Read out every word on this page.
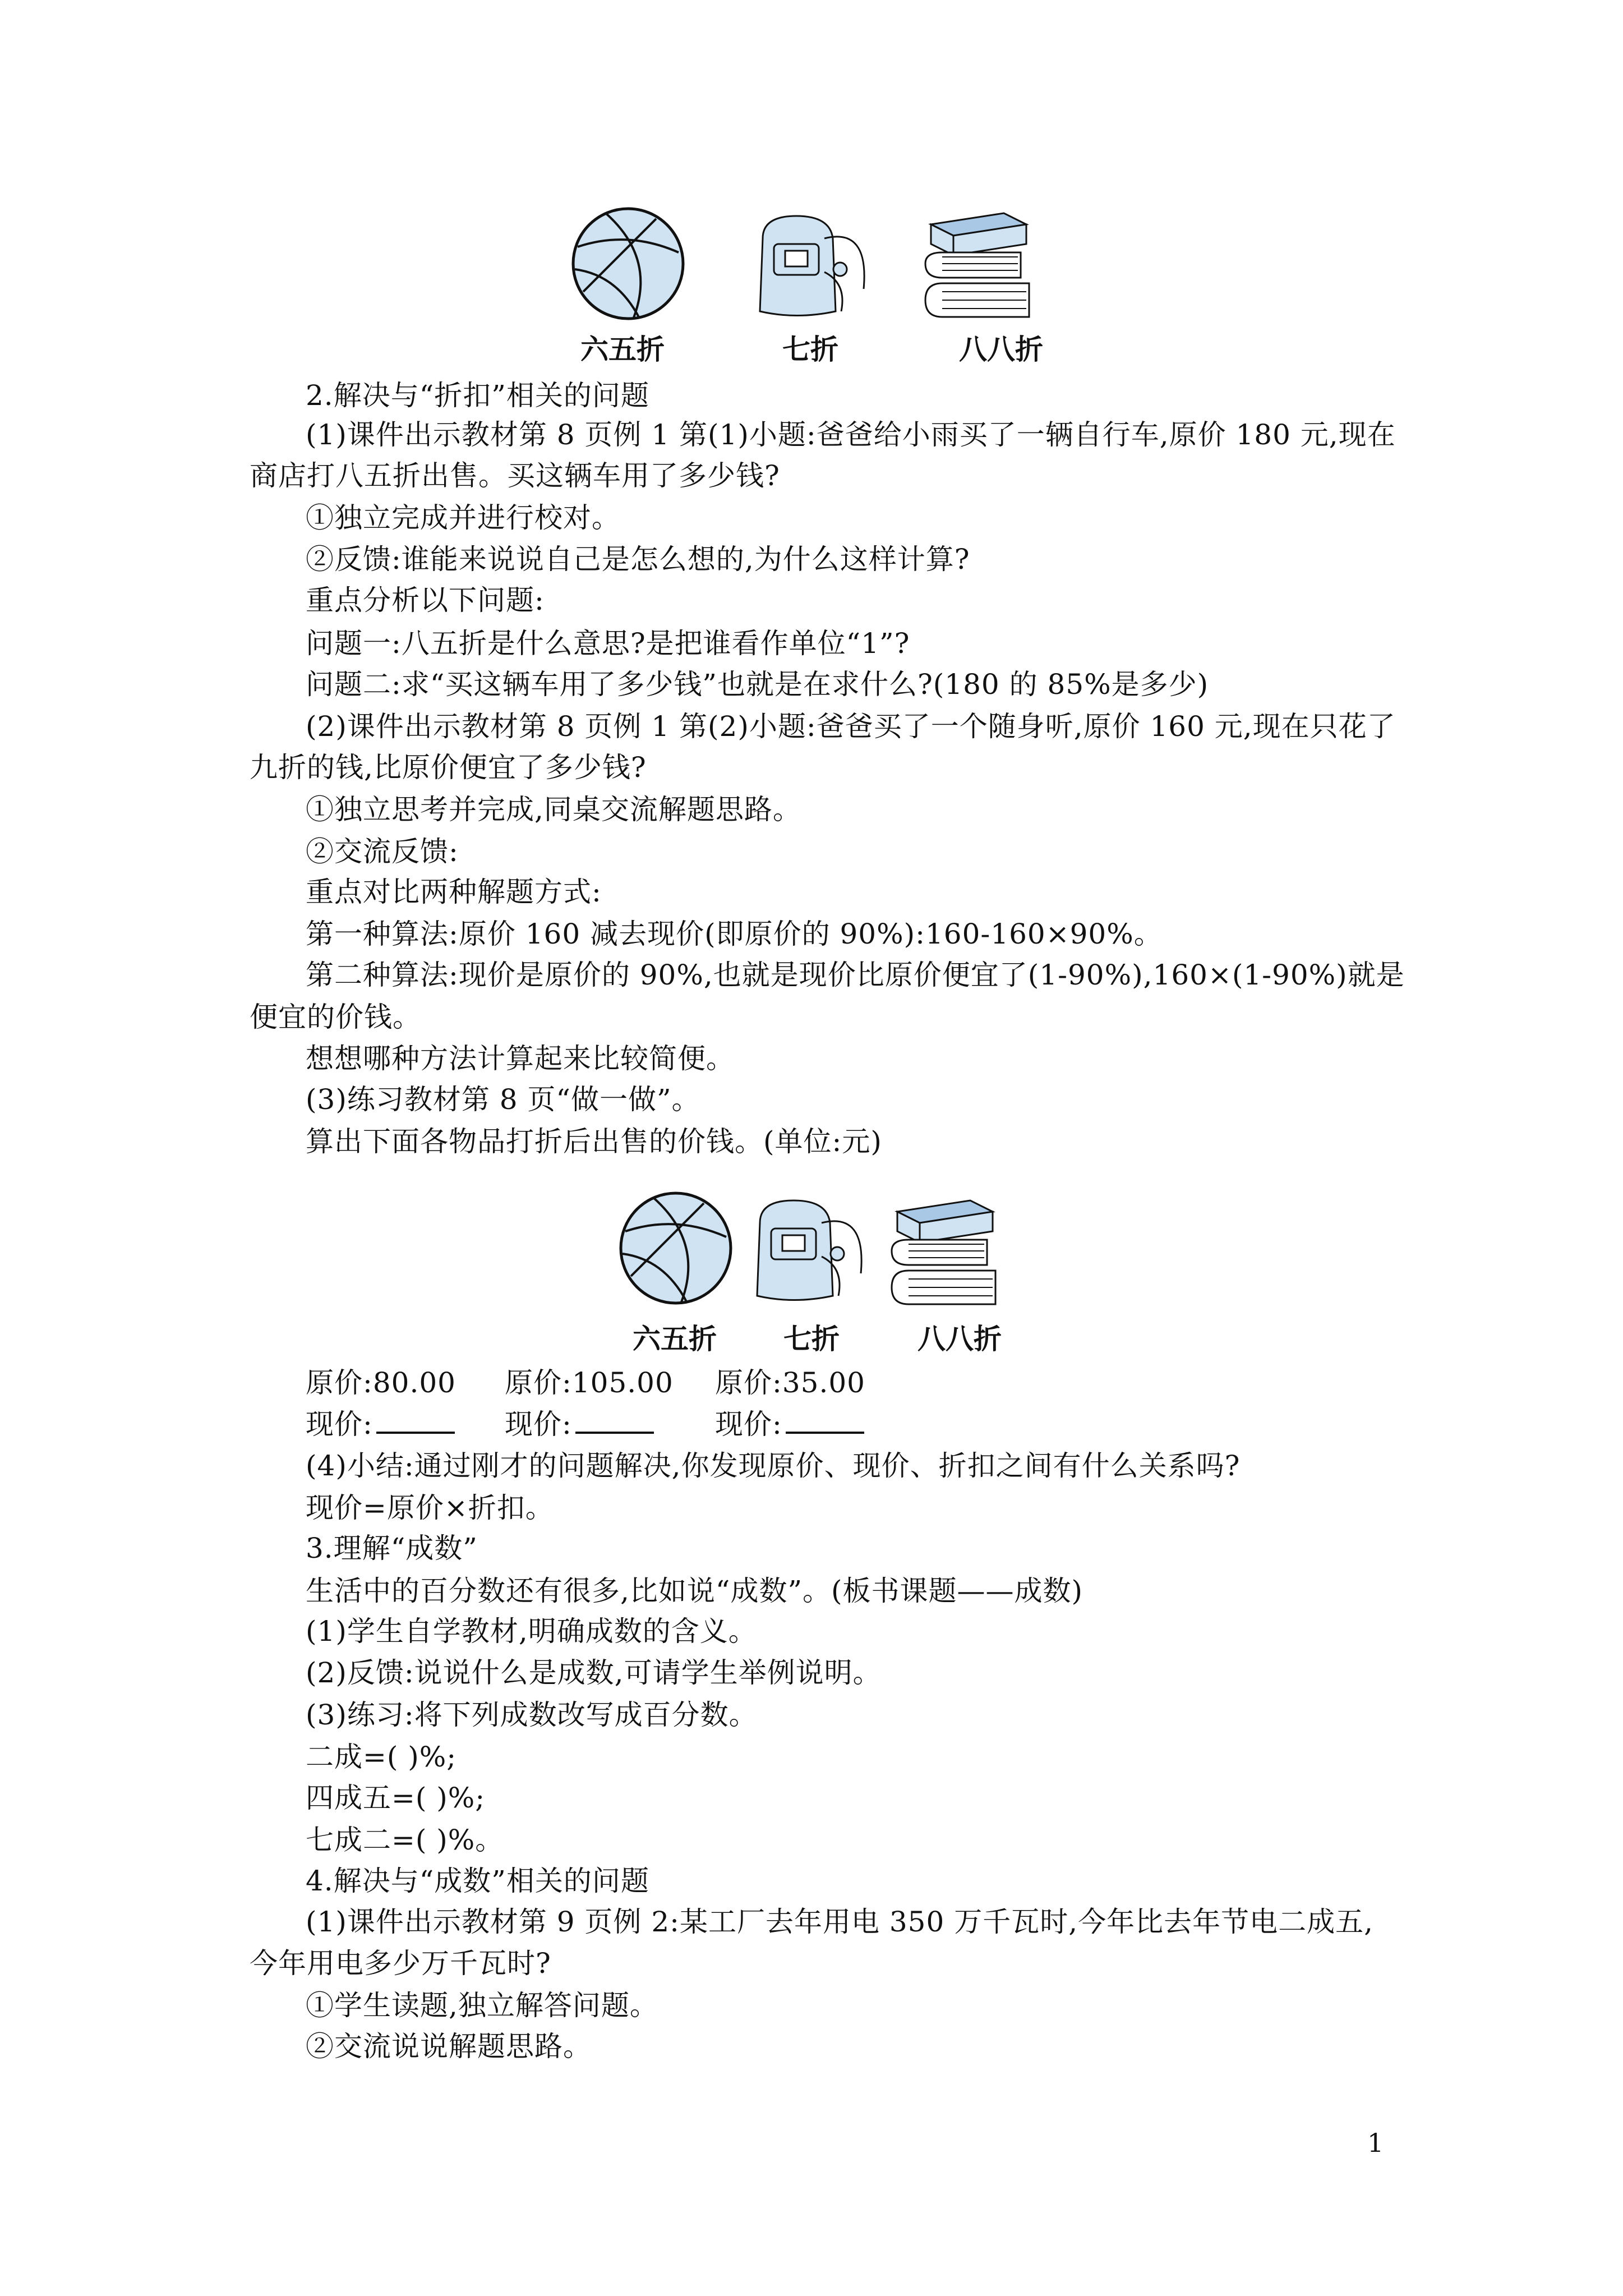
六五折	七折	八八折
2.解决与“折扣”相关的问题
(1)课件出示教材第 8 页例 1 第(1)小题:爸爸给小雨买了一辆自行车,原价 180 元,现在
商店打八五折出售。买这辆车用了多少钱?
①独立完成并进行校对。
②反馈:谁能来说说自己是怎么想的,为什么这样计算?
重点分析以下问题:
问题一:八五折是什么意思?是把谁看作单位“1”?
问题二:求“买这辆车用了多少钱”也就是在求什么?(180 的 85%是多少)
(2)课件出示教材第 8 页例 1 第(2)小题:爸爸买了一个随身听,原价 160 元,现在只花了
九折的钱,比原价便宜了多少钱?
①独立思考并完成,同桌交流解题思路。
②交流反馈:
重点对比两种解题方式:
第一种算法:原价 160 减去现价(即原价的 90%):160-160×90%。
第二种算法:现价是原价的 90%,也就是现价比原价便宜了(1-90%),160×(1-90%)就是
便宜的价钱。
想想哪种方法计算起来比较简便。
(3)练习教材第 8 页“做一做”。
算出下面各物品打折后出售的价钱。(单位:元)
六五折 七折	八八折
原价:80.00 原价:105.00 原价:35.00
现价:	现价:	现价:
(4)小结:通过刚才的问题解决,你发现原价、现价、折扣之间有什么关系吗?
现价=原价×折扣。
3.理解“成数”
生活中的百分数还有很多,比如说“成数”。(板书课题——成数)
(1)学生自学教材,明确成数的含义。
(2)反馈:说说什么是成数,可请学生举例说明。
(3)练习:将下列成数改写成百分数。
二成=( )%;
四成五=( )%;
七成二=( )%。
4.解决与“成数”相关的问题
(1)课件出示教材第 9 页例 2:某工厂去年用电 350 万千瓦时,今年比去年节电二成五,
今年用电多少万千瓦时?
①学生读题,独立解答问题。
②交流说说解题思路。
1
